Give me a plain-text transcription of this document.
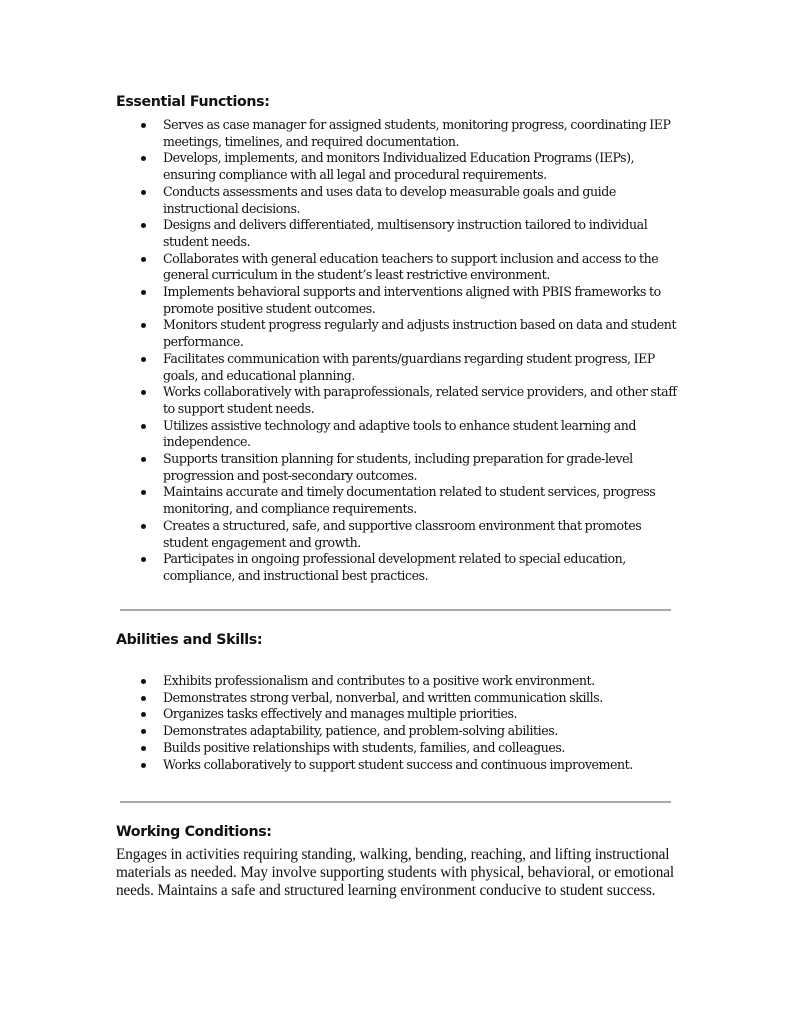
Essential Functions:
Serves as case manager for assigned students, monitoring progress, coordinating IEP meetings, timelines, and required documentation.
Develops, implements, and monitors Individualized Education Programs (IEPs), ensuring compliance with all legal and procedural requirements.
Conducts assessments and uses data to develop measurable goals and guide instructional decisions.
Designs and delivers differentiated, multisensory instruction tailored to individual student needs.
Collaborates with general education teachers to support inclusion and access to the general curriculum in the student’s least restrictive environment.
Implements behavioral supports and interventions aligned with PBIS frameworks to promote positive student outcomes.
Monitors student progress regularly and adjusts instruction based on data and student performance.
Facilitates communication with parents/guardians regarding student progress, IEP goals, and educational planning.
Works collaboratively with paraprofessionals, related service providers, and other staff to support student needs.
Utilizes assistive technology and adaptive tools to enhance student learning and independence.
Supports transition planning for students, including preparation for grade-level progression and post-secondary outcomes.
Maintains accurate and timely documentation related to student services, progress monitoring, and compliance requirements.
Creates a structured, safe, and supportive classroom environment that promotes student engagement and growth.
Participates in ongoing professional development related to special education, compliance, and instructional best practices.
Abilities and Skills:
Exhibits professionalism and contributes to a positive work environment.
Demonstrates strong verbal, nonverbal, and written communication skills.
Organizes tasks effectively and manages multiple priorities.
Demonstrates adaptability, patience, and problem-solving abilities.
Builds positive relationships with students, families, and colleagues.
Works collaboratively to support student success and continuous improvement.
Working Conditions:

Engages in activities requiring standing, walking, bending, reaching, and lifting instructional materials as needed. May involve supporting students with physical, behavioral, or emotional needs. Maintains a safe and structured learning environment conducive to student success.
